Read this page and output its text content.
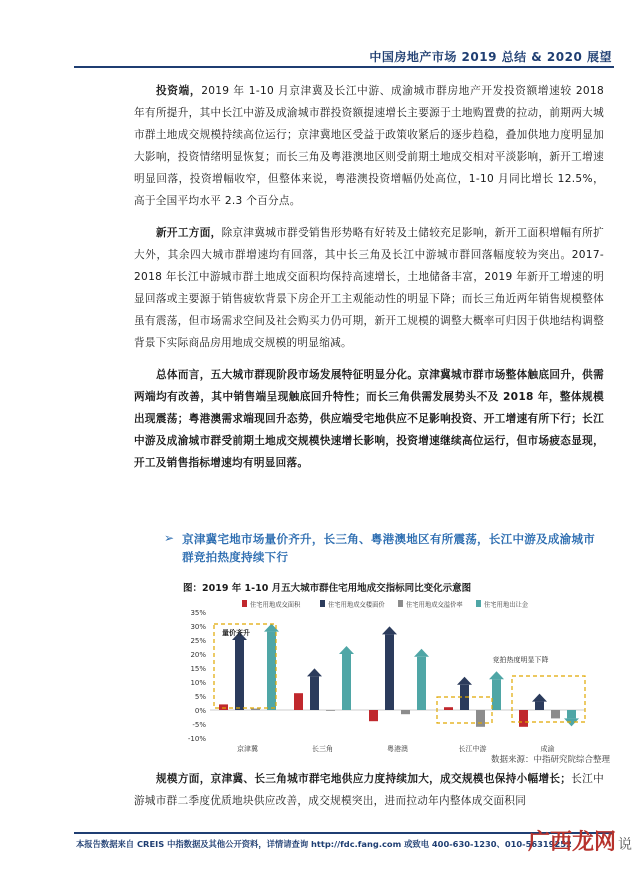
中国房地产市场 2019 总结 & 2020 展望

投资端，2019 年 1-10 月京津冀及长江中游、成渝城市群房地产开发投资额增速较 2018 年有所提升，其中长江中游及成渝城市群投资额提速增长主要源于土地购置费的拉动，前期两大城市群土地成交规模持续高位运行；京津冀地区受益于政策收紧后的逐步趋稳，叠加供地力度明显加大影响，投资情绪明显恢复；而长三角及粤港澳地区则受前期土地成交相对平淡影响，新开工增速明显回落，投资增幅收窄，但整体来说，粤港澳投资增幅仍处高位，1-10 月同比增长 12.5%，高于全国平均水平 2.3 个百分点。

新开工方面，除京津冀城市群受销售形势略有好转及土储较充足影响，新开工面积增幅有所扩大外，其余四大城市群增速均有回落，其中长三角及长江中游城市群回落幅度较为突出。2017-2018 年长江中游城市群土地成交面积均保持高速增长，土地储备丰富，2019 年新开工增速的明显回落或主要源于销售疲软背景下房企开工主观能动性的明显下降；而长三角近两年销售规模整体虽有震荡，但市场需求空间及社会购买力仍可期，新开工规模的调整大概率可归因于供地结构调整背景下实际商品房用地成交规模的明显缩减。

总体而言，五大城市群现阶段市场发展特征明显分化。京津冀城市群市场整体触底回升，供需两端均有改善，其中销售端呈现触底回升特性；而长三角供需发展势头不及 2018 年，整体规模出现震荡；粤港澳需求端现回升态势，供应端受宅地供应不足影响投资、开工增速有所下行；长江中游及成渝城市群受前期土地成交规模快速增长影响，投资增速继续高位运行，但市场疲态显现，开工及销售指标增速均有明显回落。

➢ 京津冀宅地市场量价齐升，长三角、粤港澳地区有所震荡，长江中游及成渝城市群竞拍热度持续下行
图：2019 年 1-10 月五大城市群住宅用地成交指标同比变化示意图
35%
30%
25%
20%
15%
10%
5%
0%
-5%
-10%
住宅用地成交面积	住宅用地成交楼面价	住宅用地成交溢价率	住宅用地出让金
京津冀	长三角	粤港澳	长江中游	成渝
量价齐升
竞拍热度明显下降
数据来源：中指研究院综合整理

规模方面，京津冀、长三角城市群宅地供应力度持续加大，成交规模也保持小幅增长；长江中游城市群二季度优质地块供应改善，成交规模突出，进而拉动年内整体成交面积同

本报告数据来自 CREIS 中指数据及其他公开资料，详情请查询 http://fdc.fang.com 或致电 400-630-1230、010-56319252
广西龙网 说
